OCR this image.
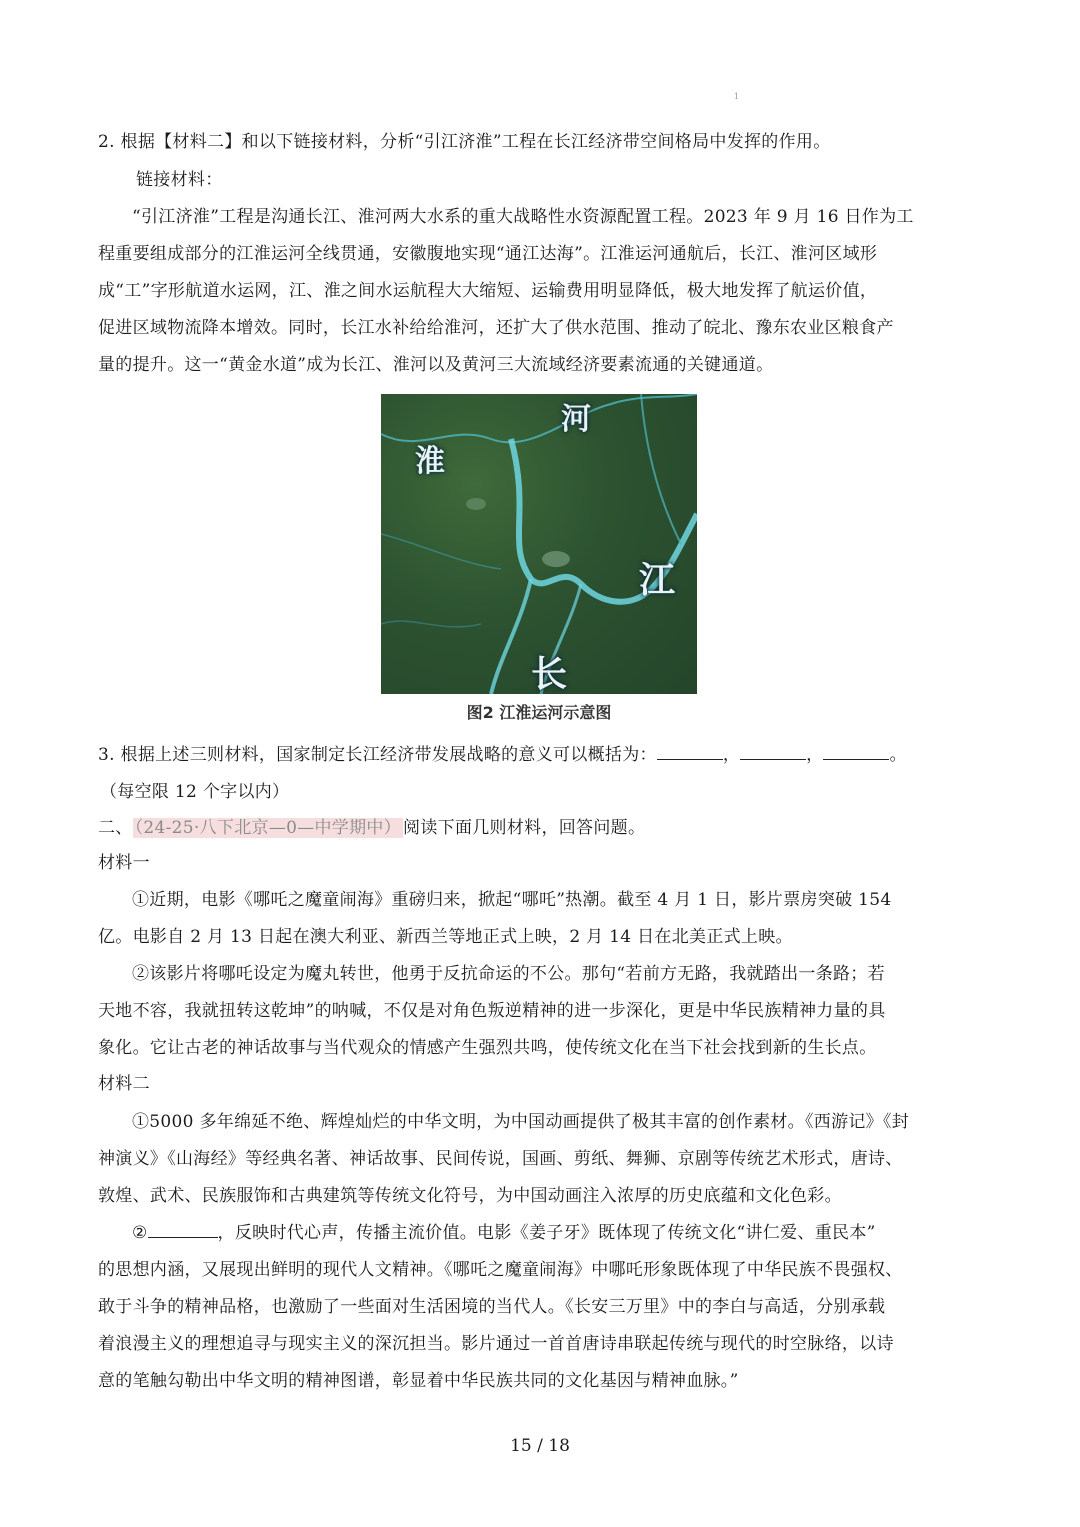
1
2. 根据【材料二】和以下链接材料，分析“引江济淮”工程在长江经济带空间格局中发挥的作用。
链接材料：
“引江济淮”工程是沟通长江、淮河两大水系的重大战略性水资源配置工程。2023 年 9 月 16 日作为工
程重要组成部分的江淮运河全线贯通，安徽腹地实现“通江达海”。江淮运河通航后，长江、淮河区域形
成“工”字形航道水运网，江、淮之间水运航程大大缩短、运输费用明显降低，极大地发挥了航运价值，
促进区域物流降本增效。同时，长江水补给给淮河，还扩大了供水范围、推动了皖北、豫东农业区粮食产
量的提升。这一“黄金水道”成为长江、淮河以及黄河三大流域经济要素流通的关键通道。
河
淮
江
长
图2 江淮运河示意图
3. 根据上述三则材料，国家制定长江经济带发展战略的意义可以概括为：	，	，	。
（每空限 12 个字以内）
二、 （24-25·八下北京—0—中学期中） 阅读下面几则材料，回答问题。
材料一
①近期，电影《哪吒之魔童闹海》重磅归来，掀起“哪吒”热潮。截至 4 月 1 日，影片票房突破 154
亿。电影自 2 月 13 日起在澳大利亚、新西兰等地正式上映，2 月 14 日在北美正式上映。
②该影片将哪吒设定为魔丸转世，他勇于反抗命运的不公。那句“若前方无路，我就踏出一条路；若
天地不容，我就扭转这乾坤”的呐喊，不仅是对角色叛逆精神的进一步深化，更是中华民族精神力量的具
象化。它让古老的神话故事与当代观众的情感产生强烈共鸣，使传统文化在当下社会找到新的生长点。
材料二
①5000 多年绵延不绝、辉煌灿烂的中华文明，为中国动画提供了极其丰富的创作素材。《西游记》《封
神演义》《山海经》等经典名著、神话故事、民间传说，国画、剪纸、舞狮、京剧等传统艺术形式，唐诗、
敦煌、武术、民族服饰和古典建筑等传统文化符号，为中国动画注入浓厚的历史底蕴和文化色彩。
②	，反映时代心声，传播主流价值。电影《姜子牙》既体现了传统文化“讲仁爱、重民本”
的思想内涵，又展现出鲜明的现代人文精神。《哪吒之魔童闹海》中哪吒形象既体现了中华民族不畏强权、
敢于斗争的精神品格，也激励了一些面对生活困境的当代人。《长安三万里》中的李白与高适，分别承载
着浪漫主义的理想追寻与现实主义的深沉担当。影片通过一首首唐诗串联起传统与现代的时空脉络，以诗
意的笔触勾勒出中华文明的精神图谱，彰显着中华民族共同的文化基因与精神血脉。”
15 / 18
